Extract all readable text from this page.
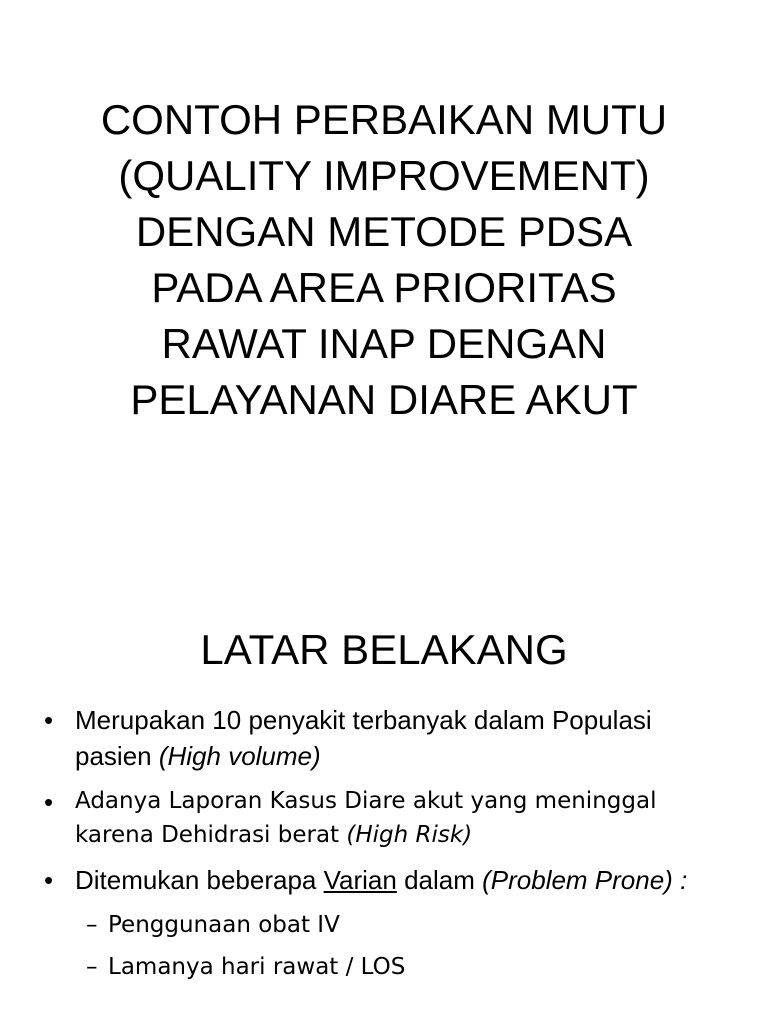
CONTOH PERBAIKAN MUTU
(QUALITY IMPROVEMENT)
DENGAN METODE PDSA
PADA AREA PRIORITAS
RAWAT INAP DENGAN
PELAYANAN DIARE AKUT
LATAR BELAKANG
• Merupakan 10 penyakit terbanyak dalam Populasi pasien (High volume)
• Adanya Laporan Kasus Diare akut yang meninggal karena Dehidrasi berat (High Risk)
• Ditemukan beberapa Varian dalam (Problem Prone) :
– Penggunaan obat IV
– Lamanya hari rawat / LOS
